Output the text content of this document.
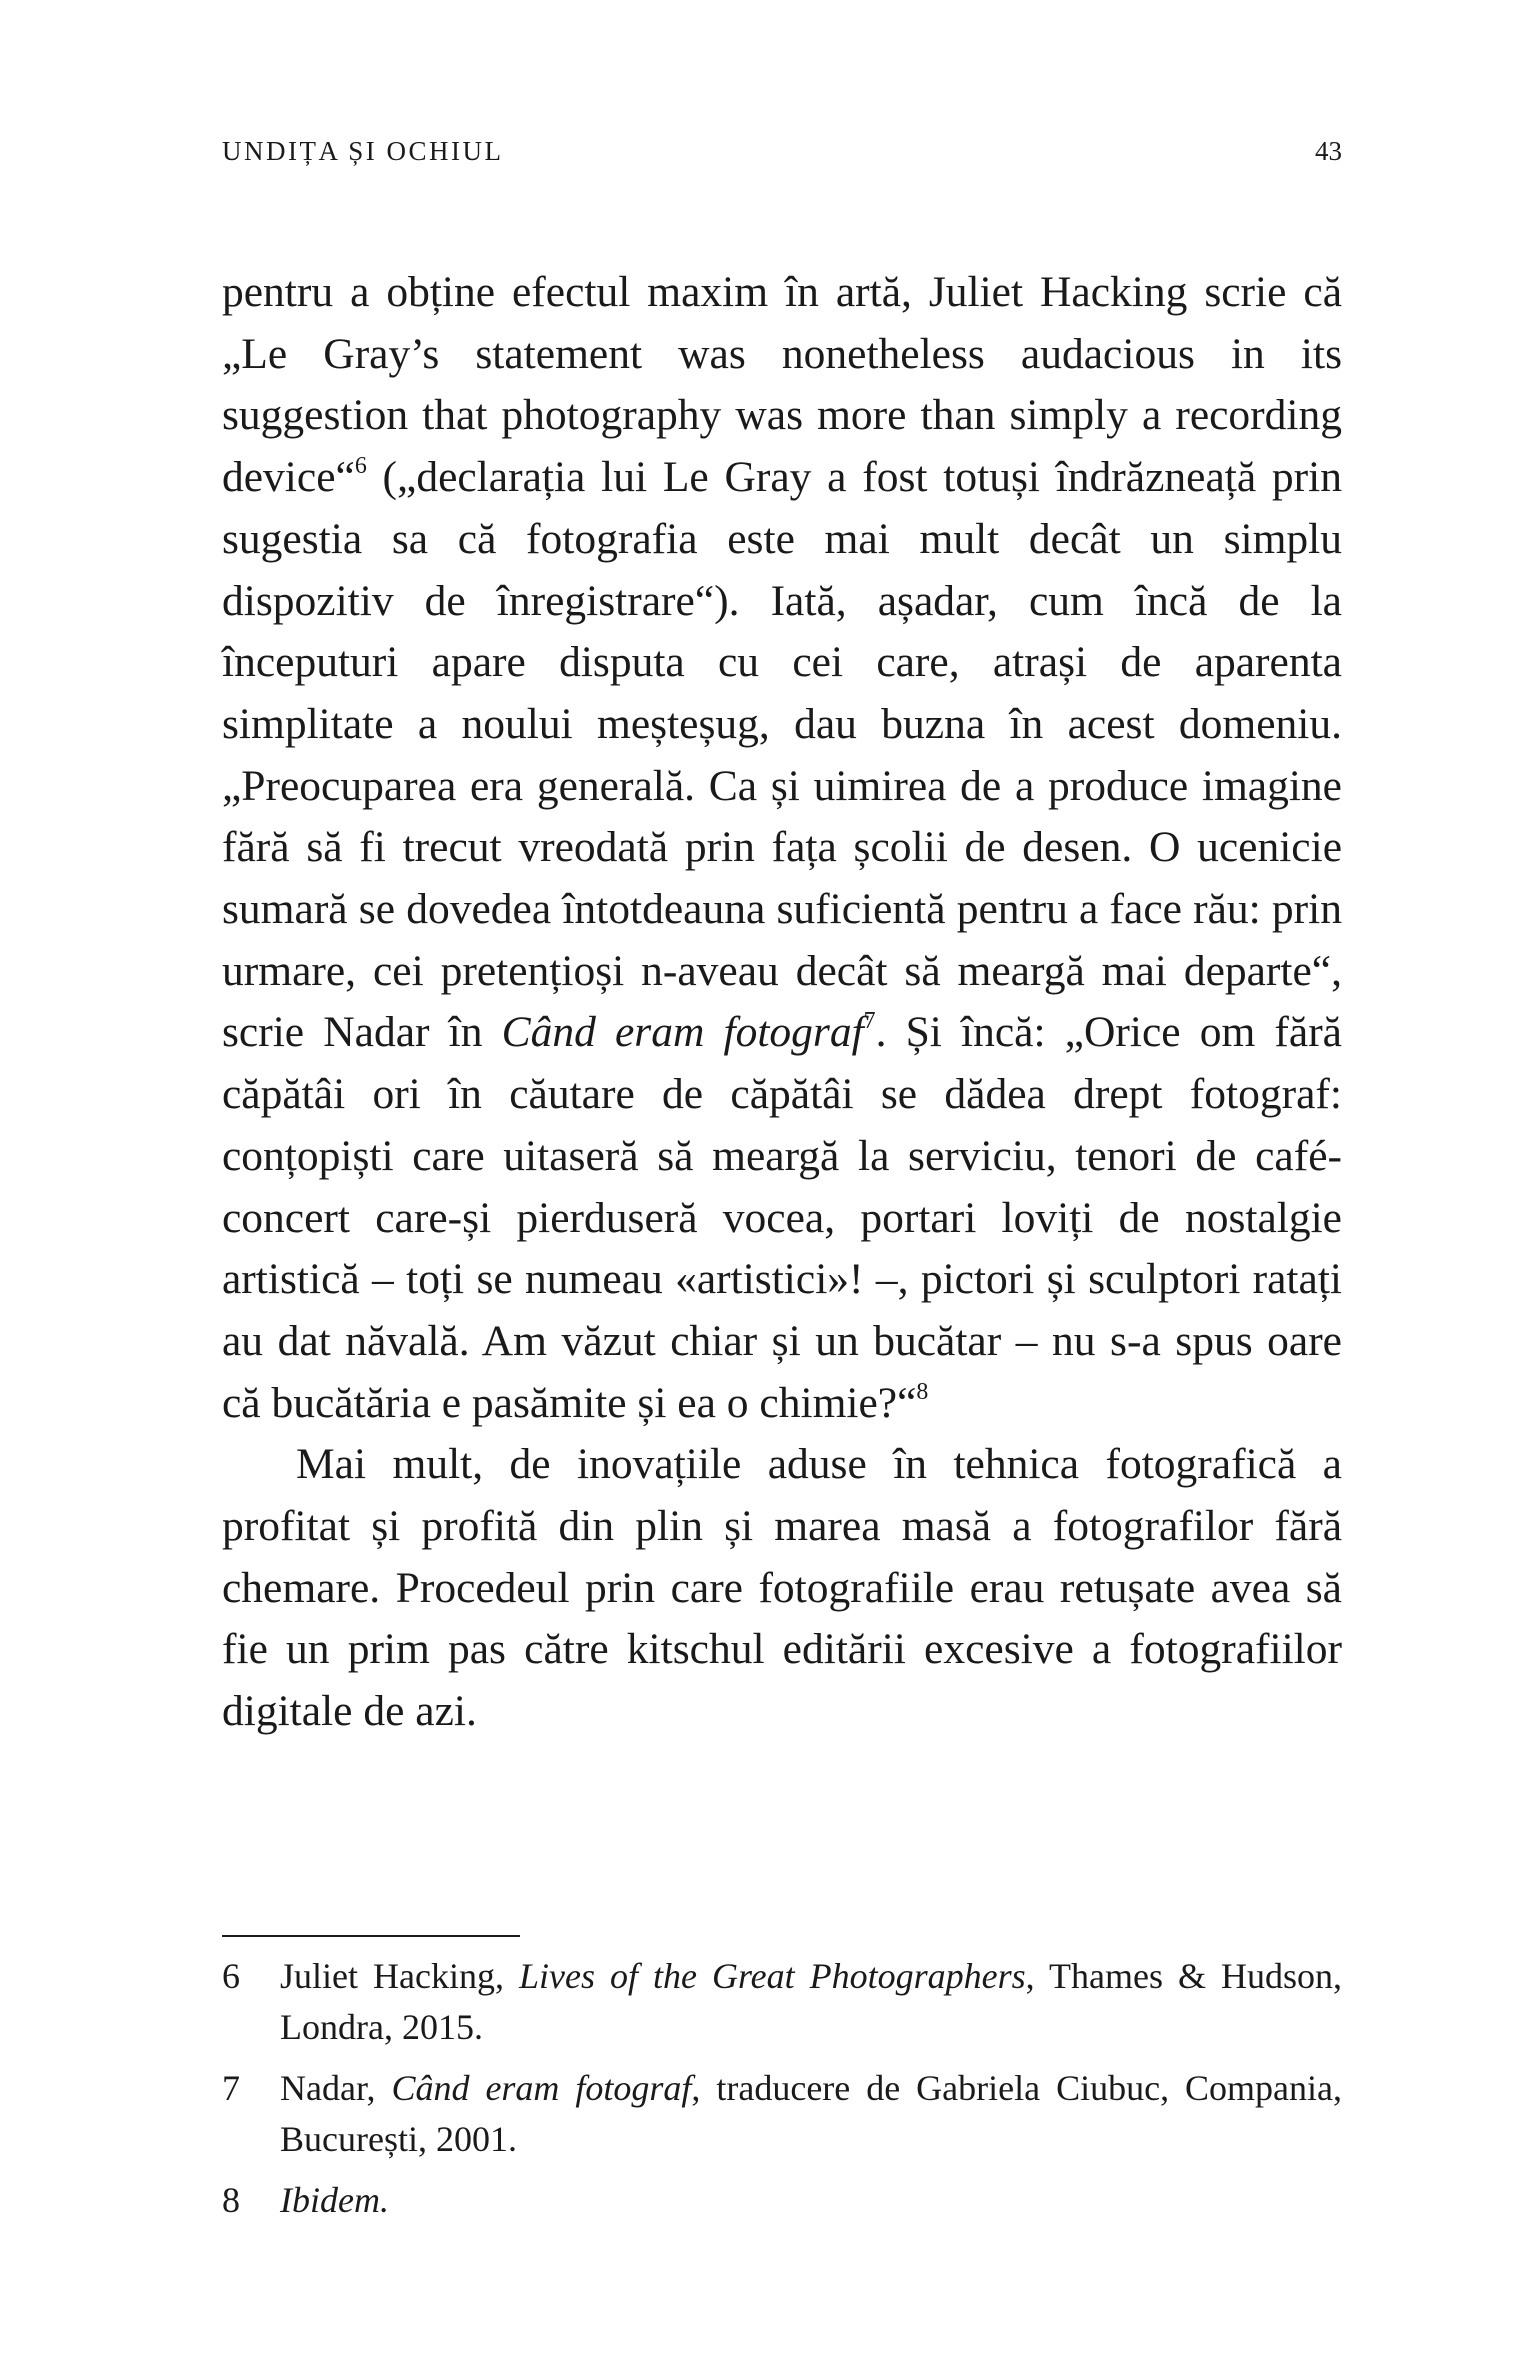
UNDIȚA ȘI OCHIUL	43

pentru a obține efectul maxim în artă, Juliet Hacking scrie că „Le Gray’s statement was nonetheless audacious in its suggestion that photography was more than simply a recording device“$^6$ („declarația lui Le Gray a fost totuși îndrăzneață prin sugestia sa că fotografia este mai mult decât un simplu dispozitiv de înregistrare“). Iată, așadar, cum încă de la începuturi apare disputa cu cei care, atrași de aparenta simplitate a noului meșteșug, dau buzna în acest domeniu. „Preocuparea era generală. Ca și uimirea de a produce imagine fără să fi trecut vreodată prin fața școlii de desen. O ucenicie sumară se dovedea întotdeauna suficientă pentru a face rău: prin urmare, cei pretențioși n-aveau decât să meargă mai departe“, scrie Nadar în Când eram fotograf$^7$. Și încă: „Orice om fără căpătâi ori în căutare de căpătâi se dădea drept fotograf: conțopiști care uitaseră să meargă la serviciu, tenori de café-concert care-și pierduseră vocea, portari loviți de nostalgie artistică – toți se numeau «artistici»! –, pictori și sculptori ratați au dat năvală. Am văzut chiar și un bucătar – nu s-a spus oare că bucătăria e pasămite și ea o chimie?“$^8$

Mai mult, de inovațiile aduse în tehnica fotografică a profitat și profită din plin și marea masă a fotografilor fără chemare. Procedeul prin care fotografiile erau retușate avea să fie un prim pas către kitschul editării excesive a fotografiilor digitale de azi.

6 Juliet Hacking, Lives of the Great Photographers, Thames & Hudson, Londra, 2015.
7 Nadar, Când eram fotograf, traducere de Gabriela Ciubuc, Compania, București, 2001.
8 Ibidem.
